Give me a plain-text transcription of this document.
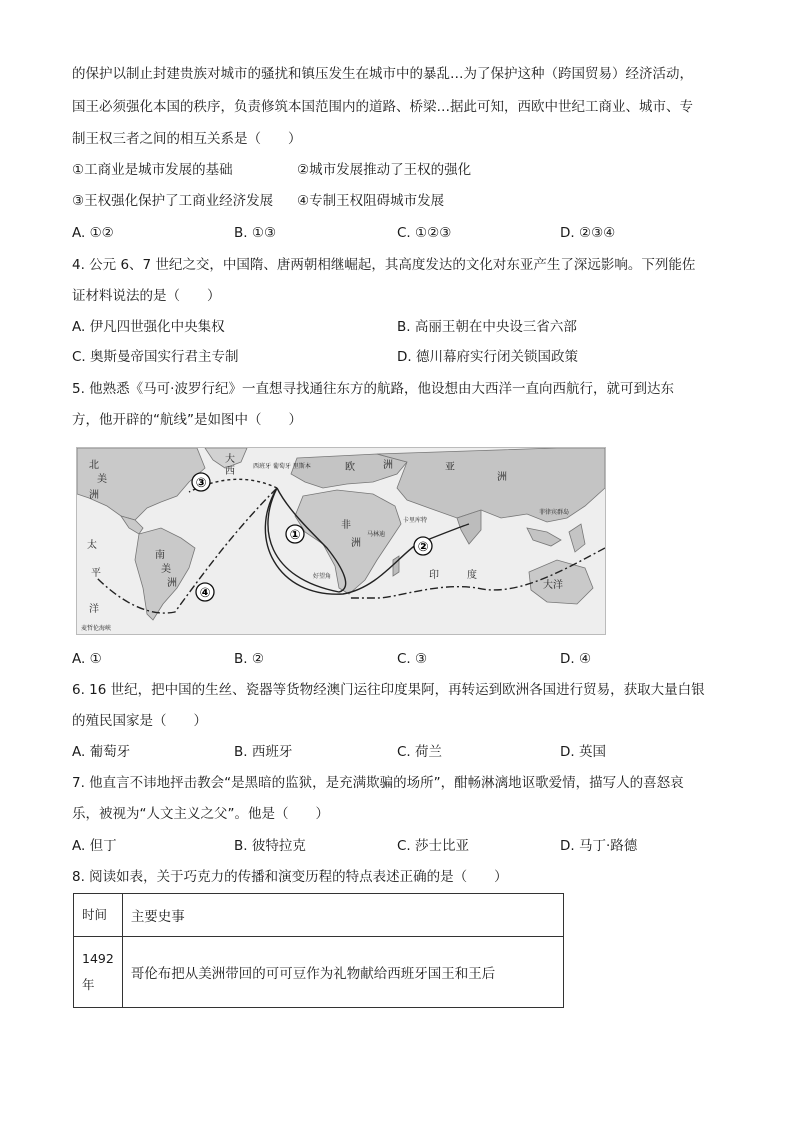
的保护以制止封建贵族对城市的骚扰和镇压发生在城市中的暴乱…为了保护这种（跨国贸易）经济活动，
国王必须强化本国的秩序，负责修筑本国范围内的道路、桥梁…据此可知，西欧中世纪工商业、城市、专
制王权三者之间的相互关系是（　　）
①工商业是城市发展的基础	②城市发展推动了王权的强化
③王权强化保护了工商业经济发展 ④专制王权阻碍城市发展
A. ①②	B. ①③	C. ①②③	D. ②③④
4. 公元 6、7 世纪之交，中国隋、唐两朝相继崛起，其高度发达的文化对东亚产生了深远影响。下列能佐
证材料说法的是（　　）
A. 伊凡四世强化中央集权	B. 高丽王朝在中央设三省六部
C. 奥斯曼帝国实行君主专制	D. 德川幕府实行闭关锁国政策
5. 他熟悉《马可·波罗行纪》一直想寻找通往东方的航路，他设想由大西洋一直向西航行，就可到达东
方，他开辟的“航线”是如图中（　　）
③
①
②
④
北
美
洲
西
大
欧	洲	亚
洲
非
洲
印	度
南
美
洲
太
洋
平
大洋
西班牙 葡萄牙 里斯本
卡里库特
马林迪
好望角
菲律宾群岛
麦哲伦海峡
A. ①	B. ②	C. ③	D. ④
6. 16 世纪，把中国的生丝、瓷器等货物经澳门运往印度果阿，再转运到欧洲各国进行贸易，获取大量白银
的殖民国家是（　　）
A. 葡萄牙	B. 西班牙	C. 荷兰	D. 英国
7. 他直言不讳地抨击教会“是黑暗的监狱，是充满欺骗的场所”，酣畅淋漓地讴歌爱情，描写人的喜怒哀
乐，被视为“人文主义之父”。他是（　　）
A. 但丁	B. 彼特拉克	C. 莎士比亚	D. 马丁·路德
8. 阅读如表，关于巧克力的传播和演变历程的特点表述正确的是（　　）
时间	主要史事

1492
年	哥伦布把从美洲带回的可可豆作为礼物献给西班牙国王和王后
